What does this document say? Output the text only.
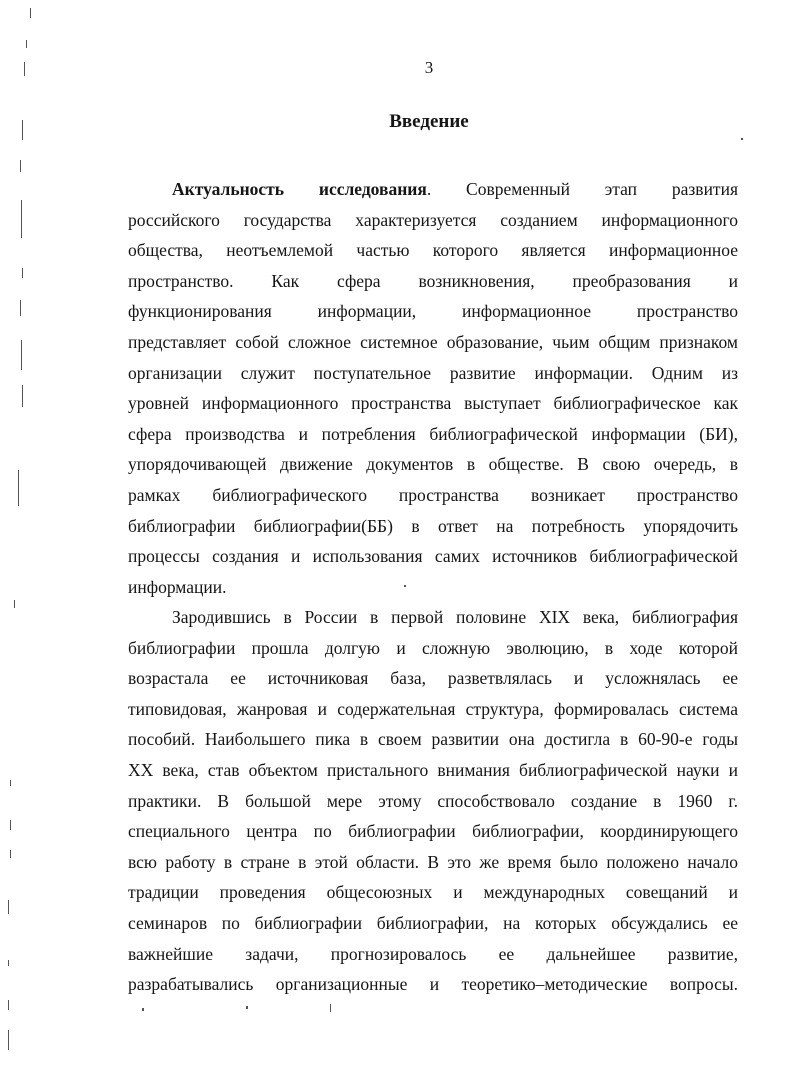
3
Введение
Актуальность исследования. Современный этап развития
российского государства характеризуется созданием информационного
общества, неотъемлемой частью которого является информационное
пространство. Как сфера возникновения, преобразования и
функционирования информации, информационное пространство
представляет собой сложное системное образование, чьим общим признаком
организации служит поступательное развитие информации. Одним из
уровней информационного пространства выступает библиографическое как
сфера производства и потребления библиографической информации (БИ),
упорядочивающей движение документов в обществе. В свою очередь, в
рамках библиографического пространства возникает пространство
библиографии библиографии(ББ) в ответ на потребность упорядочить
процессы создания и использования самих источников библиографической
информации.
Зародившись в России в первой половине XIX века, библиография
библиографии прошла долгую и сложную эволюцию, в ходе которой
возрастала ее источниковая база, разветвлялась и усложнялась ее
типовидовая, жанровая и содержательная структура, формировалась система
пособий. Наибольшего пика в своем развитии она достигла в 60-90-е годы
XX века, став объектом пристального внимания библиографической науки и
практики. В большой мере этому способствовало создание в 1960 г.
специального центра по библиографии библиографии, координирующего
всю работу в стране в этой области. В это же время было положено начало
традиции проведения общесоюзных и международных совещаний и
семинаров по библиографии библиографии, на которых обсуждались ее
важнейшие задачи, прогнозировалось ее дальнейшее развитие,
разрабатывались организационные и теоретико–методические вопросы.
